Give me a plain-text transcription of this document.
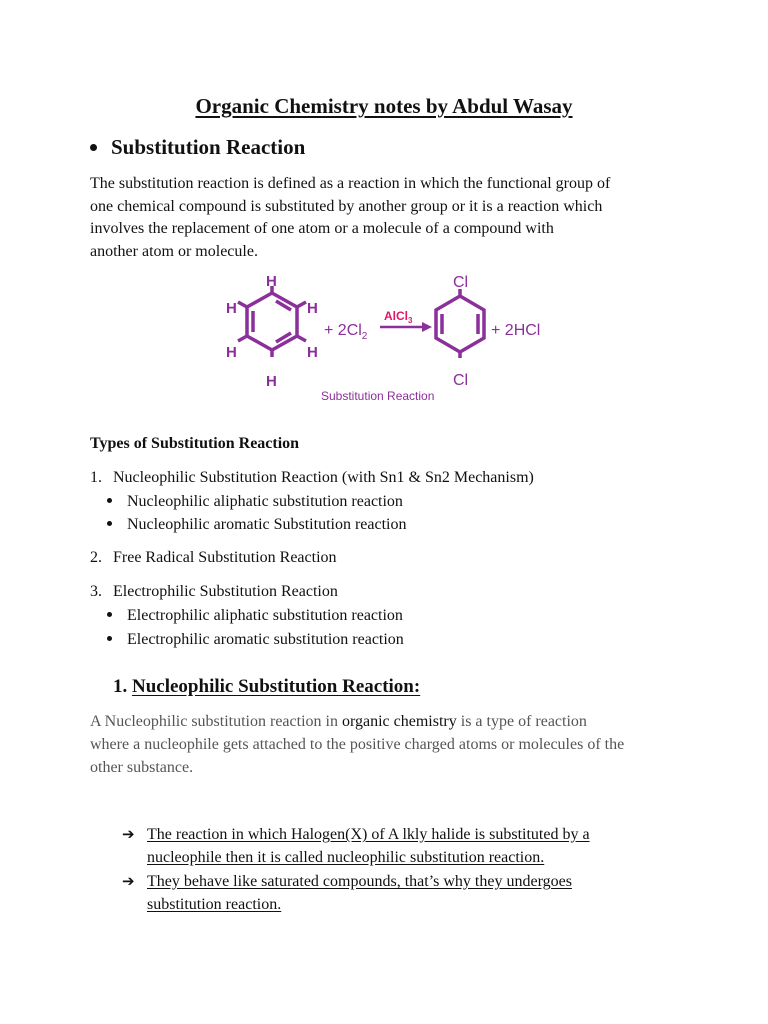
Organic Chemistry notes by Abdul Wasay
Substitution Reaction
The substitution reaction is defined as a reaction in which the functional group of
one chemical compound is substituted by another group or it is a reaction which
involves the replacement of one atom or a molecule of a compound with
another atom or molecule.
H
H
H
H
H
H
+ $2Cl_2$
AlCl$_3$
Cl
Cl
+ 2HCl
Substitution Reaction
Types of Substitution Reaction
1. Nucleophilic Substitution Reaction (with Sn1 & Sn2 Mechanism)
Nucleophilic aliphatic substitution reaction
Nucleophilic aromatic Substitution reaction
2. Free Radical Substitution Reaction
3. Electrophilic Substitution Reaction
Electrophilic aliphatic substitution reaction
Electrophilic aromatic substitution reaction
1. Nucleophilic Substitution Reaction:
A Nucleophilic substitution reaction in organic chemistry is a type of reaction
where a nucleophile gets attached to the positive charged atoms or molecules of the
other substance.
➔ The reaction in which Halogen(X) of A lkly halide is substituted by a
nucleophile then it is called nucleophilic substitution reaction.
➔ They behave like saturated compounds, that’s why they undergoes
substitution reaction.
